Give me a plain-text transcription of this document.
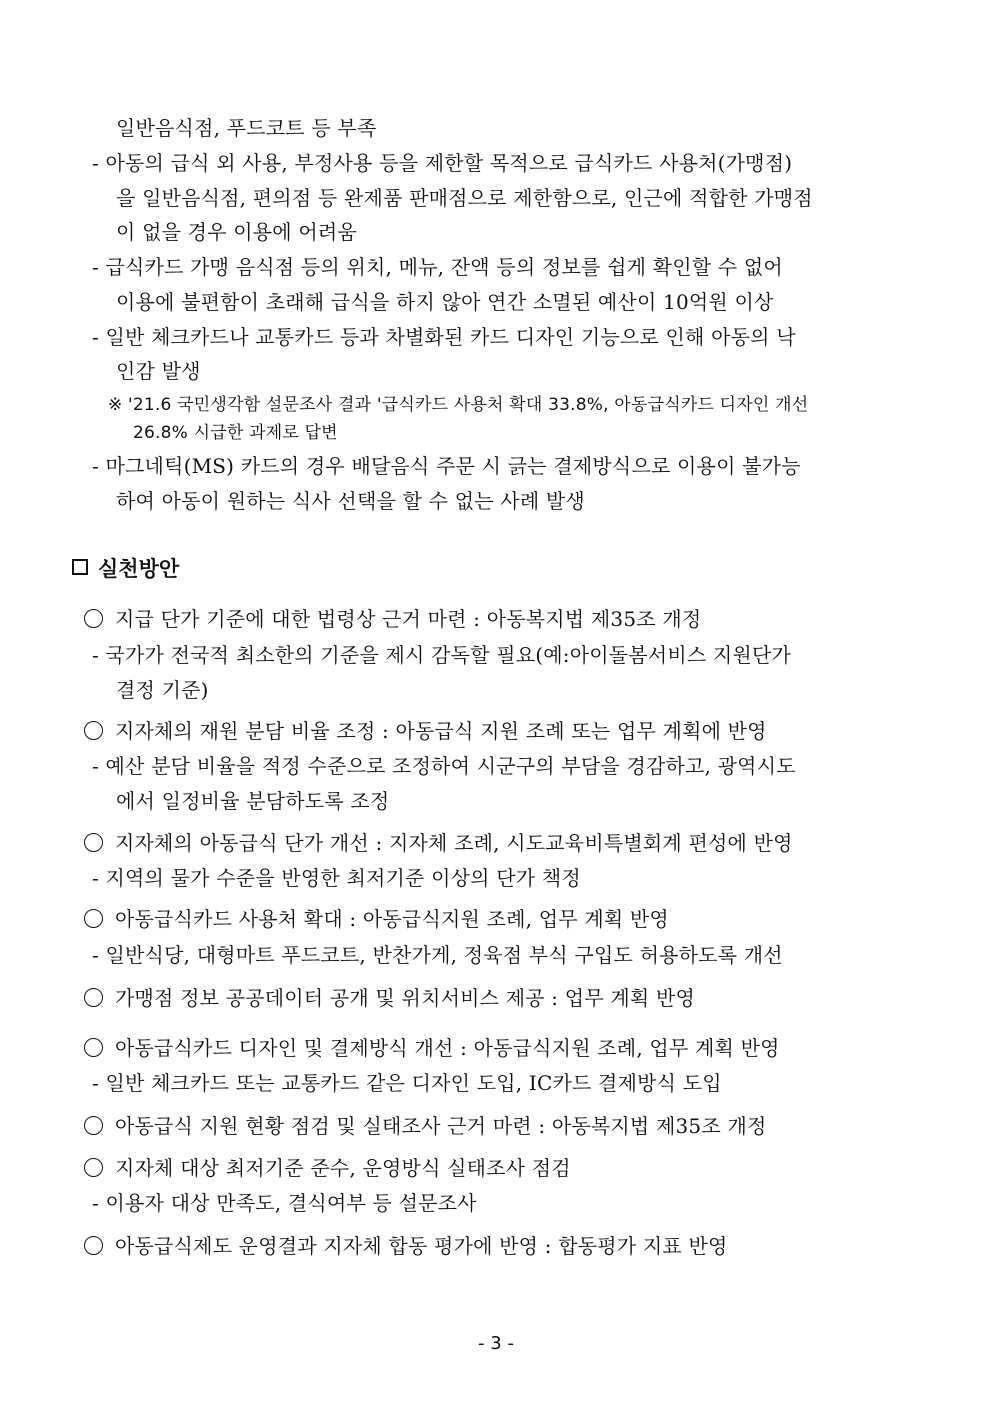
일반음식점, 푸드코트 등 부족
- 아동의 급식 외 사용, 부정사용 등을 제한할 목적으로 급식카드 사용처(가맹점)
을 일반음식점, 편의점 등 완제품 판매점으로 제한함으로, 인근에 적합한 가맹점
이 없을 경우 이용에 어려움
- 급식카드 가맹 음식점 등의 위치, 메뉴, 잔액 등의 정보를 쉽게 확인할 수 없어
이용에 불편함이 초래해 급식을 하지 않아 연간 소멸된 예산이 10억원 이상
- 일반 체크카드나 교통카드 등과 차별화된 카드 디자인 기능으로 인해 아동의 낙
인감 발생
※ '21.6 국민생각함 설문조사 결과 '급식카드 사용처 확대 33.8%, 아동급식카드 디자인 개선
26.8% 시급한 과제로 답변
- 마그네틱(MS) 카드의 경우 배달음식 주문 시 긁는 결제방식으로 이용이 불가능
하여 아동이 원하는 식사 선택을 할 수 없는 사례 발생
실천방안
지급 단가 기준에 대한 법령상 근거 마련 : 아동복지법 제35조 개정
- 국가가 전국적 최소한의 기준을 제시 감독할 필요(예:아이돌봄서비스 지원단가
결정 기준)
지자체의 재원 분담 비율 조정 : 아동급식 지원 조례 또는 업무 계획에 반영
- 예산 분담 비율을 적정 수준으로 조정하여 시군구의 부담을 경감하고, 광역시도
에서 일정비율 분담하도록 조정
지자체의 아동급식 단가 개선 : 지자체 조례, 시도교육비특별회계 편성에 반영
- 지역의 물가 수준을 반영한 최저기준 이상의 단가 책정
아동급식카드 사용처 확대 : 아동급식지원 조례, 업무 계획 반영
- 일반식당, 대형마트 푸드코트, 반찬가게, 정육점 부식 구입도 허용하도록 개선
가맹점 정보 공공데이터 공개 및 위치서비스 제공 : 업무 계획 반영
아동급식카드 디자인 및 결제방식 개선 : 아동급식지원 조례, 업무 계획 반영
- 일반 체크카드 또는 교통카드 같은 디자인 도입, IC카드 결제방식 도입
아동급식 지원 현황 점검 및 실태조사 근거 마련 : 아동복지법 제35조 개정
지자체 대상 최저기준 준수, 운영방식 실태조사 점검
- 이용자 대상 만족도, 결식여부 등 설문조사
아동급식제도 운영결과 지자체 합동 평가에 반영 : 합동평가 지표 반영
- 3 -
